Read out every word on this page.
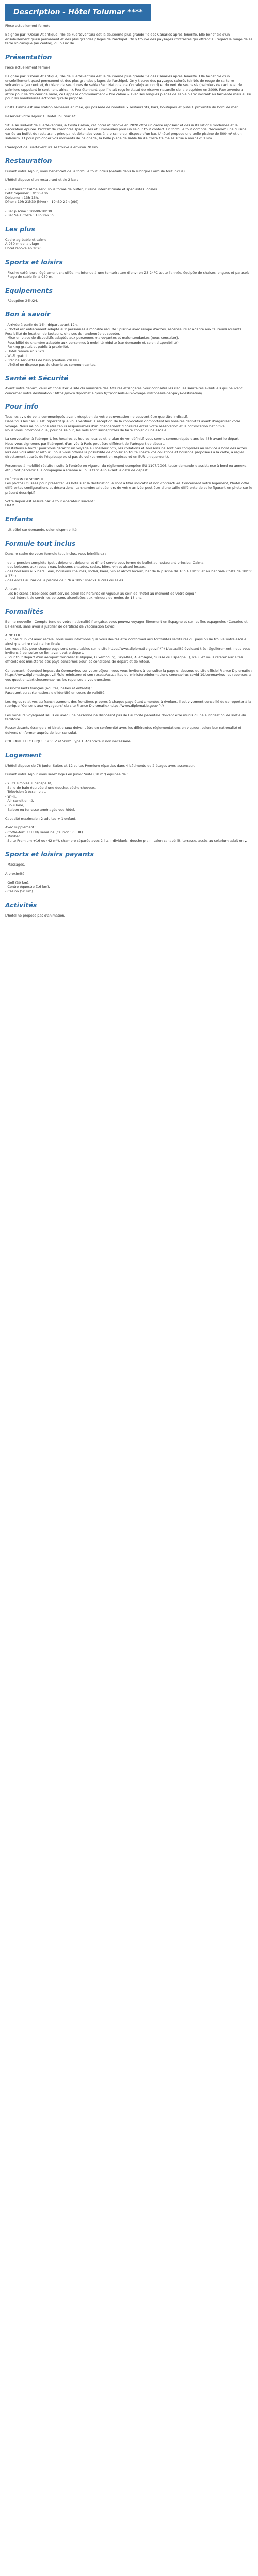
Description - Hôtel Tolumar ****

Pièce actuellement fermée

Baignée par l'Océan Atlantique, l'île de Fuerteventura est la deuxième plus grande île des Canaries après Tenerife. Elle bénéficie d'un ensoleillement quasi permanent et des plus grandes plages de l'archipel. On y trouve des paysages contrastés qui offrent au regard le rouge de sa terre volcanique (au centre), du blanc de...

Présentation

Pièce actuellement fermée

Baignée par l'Océan Atlantique, l'île de Fuerteventura est la deuxième plus grande île des Canaries après Tenerife. Elle bénéficie d'un ensoleillement quasi permanent et des plus grandes plages de l'archipel. On y trouve des paysages colorés teintés de rouge de sa terre volcanique (au centre), du blanc de ses dunes de sable (Parc National de Corralejo au nord) et du vert de ses oasis (palmiers de cactus et de palmiers rappelant le continent africain). Peu étonnant que l'île ait reçu le statut de réserve naturelle de la biosphère en 2009. Fuerteventura attire pour sa douceur de vivre, ce l'appelle communément « l'île calme » avec ses longues plages de sable blanc invitant au farniente mais aussi pour les nombreuses activités qu'elle propose.

Costa Calma est une station balnéaire animée, qui possède de nombreux restaurants, bars, boutiques et pubs à proximité du bord de mer.

Réservez votre séjour à l'hôtel Tolumar 4*:

Situé au sud-est de Fuerteventura, à Costa Calma, cet hôtel 4* rénové en 2020 offre un cadre reposant et des installations modernes et la décoration épurée. Profitez de chambres spacieuses et lumineuses pour un séjour tout confort. En formule tout compris, découvrez une cuisine variée au buffet du restaurant principal et détendez-vous à la piscine qui dispose d'un bar. L'hôtel propose une belle piscine de 500 m² et un solarium. Et pour prolonger vos moments de baignade, la belle plage de sable fin de Costa Calma se situe à moins d' 1 km.

L'aéroport de Fuerteventura se trouve à environ 70 km.

Restauration

Durant votre séjour, vous bénéficiez de la formule tout inclus (détails dans la rubrique Formule tout inclus).

L'hôtel dispose d'un restaurant et de 2 bars :

- Restaurant Calma servi sous forme de buffet, cuisine internationale et spécialités locales.
Petit déjeuner : 7h30-10h.
Déjeuner : 13h-15h.
Dîner : 19h-21h30 (hiver) - 19h30-22h (été).

- Bar piscine : 10h00-18h30.
- Bar Sala Costa : 18h30-23h.

Les plus

Cadre agréable et calme
À 950 m de la plage
Hôtel rénové en 2020

Sports et loisirs

- Piscine extérieure légèrement chauffée, maintenue à une température d'environ 23-24°C toute l'année, équipée de chaises longues et parasols.
- Plage de sable fin à 950 m.

Equipements

- Réception 24h/24.

Bon à savoir

- Arrivée à partir de 14h, départ avant 12h.
- L'hôtel est entièrement adapté aux personnes à mobilité réduite : piscine avec rampe d'accès, ascenseurs et adapté aux fauteuils roulants. Possibilité de location de fauteuils, chaises de randonnée et scooter.
- Mise en place de dispositifs adaptés aux personnes malvoyantes et malentendantes (nous consulter).
- Possibilité de chambre adaptée aux personnes à mobilité réduite (sur demande et selon disponibilité).
- Parking gratuit et public à proximité.
- Hôtel rénové en 2020.
- Wi-Fi gratuit.
- Prêt de serviettes de bain (caution 20EUR).
- L'hôtel ne dispose pas de chambres communicantes.

Santé et Sécurité

Avant votre départ, veuillez consulter le site du ministère des Affaires étrangères pour connaître les risques sanitaires éventuels qui peuvent concerner votre destination : https://www.diplomatie.gouv.fr/fr/conseils-aux-voyageurs/conseils-par-pays-destination/

Pour info

Tous les avis de voila communiqués avant réception de votre convocation ne peuvent être que titre indicatif.
Dans tous les cas, il est impératif que vous vérifiiez la réception de la convocation comportant les horaires définitifs avant d'organiser votre voyage. Nous ne pouvons être tenus responsables d'un changement d'horaires entre votre réservation et la convocation définitive.
Nous vous informons que, pour ce séjour, les vols sont susceptibles de faire l'objet d'une escale.

La convocation à l'aéroport, les horaires et heures locales et le plan de vol définitif vous seront communiqués dans les 48h avant le départ.
Nous vous signerons par l'aéroport d'arrivée à Paris peut être différent de l'aéroport de départ.
Prestations à bord : pour vous garantir un voyage au meilleur prix, les collations et boissons ne sont pas comprises au service à bord des accès lors des vols aller et retour : nous vous offrons la possibilité de choisir en toute liberté vos collations et boissons proposées à la carte, à régler directement auprès de l'équipage ou si pas du vol (paiement en espèces et en EUR uniquement).

Personnes à mobilité réduite : suite à l'entrée en vigueur du règlement européen EU 1107/2006, toute demande d'assistance à bord ou annexe, etc.) doit parvenir à la compagnie aérienne au plus tard 48h avant la date de départ.

PRÉCISION DESCRIPTIF
Les photos utilisées pour présenter les hôtels et la destination le sont à titre indicatif et non contractuel. Concernant votre logement, l'hôtel offre différentes configurations et décorations. La chambre allouée lors de votre arrivée peut être d'une taille différente de celle figurant en photo sur le présent descriptif.

Votre séjour est assuré par le tour opérateur suivant :
FRAM

Enfants

- Lit bébé sur demande, selon disponibilité.

Formule tout inclus

Dans le cadre de votre formule tout inclus, vous bénéficiez :

- de la pension complète (petit déjeuner, déjeuner et dîner) servie sous forme de buffet au restaurant principal Calma.
- des boissons aux repas : eau, boissons chaudes, sodas, bière, vin et alcool locaux.
- des boissons aux bars : eau, boissons chaudes, sodas, bière, vin et alcool locaux, bar de la piscine de 10h à 18h30 et au bar Sala Costa de 18h30 à 23h).
- des encas au bar de la piscine de 17h à 18h : snacks sucrés ou salés.

À noter :
- Les boissons alcoolisées sont servies selon les horaires en vigueur au sein de l'hôtel au moment de votre séjour.
- Il est interdit de servir les boissons alcoolisées aux mineurs de moins de 18 ans.

Formalités

Bonne nouvelle : Compte tenu de votre nationalité française, vous pouvez voyager librement en Espagne et sur les îles espagnoles (Canaries et Baléares), sans avoir à justifier de certificat de vaccination Covid.

A NOTER :
- En cas d'un vol avec escale, nous vous informons que vous devrez être conformes aux formalités sanitaires du pays où se trouve votre escale ainsi que votre destination finale.
Les modalités pour chaque pays sont consultables sur le site https://www.diplomatie.gouv.fr/fr/ L'actualité évoluant très régulièrement, nous vous invitons à consulter ce lien avant votre départ.
- Pour tout départ d'un aéroport frontalier (Belgique, Luxembourg, Pays-Bas, Allemagne, Suisse ou Espagne...), veuillez vous référer aux sites officiels des ministères des pays concernés pour les conditions de départ et de retour.

Concernant l'éventuel impact du Coronavirus sur votre séjour, nous vous invitons à consulter la page ci-dessous du site officiel France Diplomatie : https://www.diplomatie.gouv.fr/fr/le-ministere-et-son-reseau/actualites-du-ministere/informations-coronavirus-covid-19/coronavirus-les-reponses-a-vos-questions/article/coronavirus-les-reponses-a-vos-questions

Ressortissants français (adultes, bébés et enfants) :
Passeport ou carte nationale d'identité en cours de validité.

Les règles relatives au franchissement des frontières propres à chaque pays étant amenées à évoluer, il est vivement conseillé de se reporter à la rubrique "Conseils aux voyageurs" du site France Diplomatie.(https://www.diplomatie.gouv.fr/)

Les mineurs voyageant seuls ou avec une personne ne disposant pas de l'autorité parentale doivent être munis d'une autorisation de sortie du territoire.

Ressortissants étrangers et binationaux doivent être en conformité avec les différentes réglementations en vigueur, selon leur nationalité et doivent s'informer auprès de leur consulat.

COURANT ELECTRIQUE : 230 V et 50Hz. Type F. Adaptateur non nécessaire.

Logement

L'hôtel dispose de 78 Junior Suites et 12 suites Premium réparties dans 4 bâtiments de 2 étages avec ascenseur.

Durant votre séjour vous serez logés en Junior Suite (38 m²) équipée de :

- 2 lits simples + canapé lit,
- Salle de bain équipée d'une douche, sèche-cheveux,
- Télévision à écran plat,
- Wi-Fi,
- Air conditionné,
- Bouilloire,
- Balcon ou terrasse aménagés vue hôtel.

Capacité maximale : 2 adultes + 1 enfant.

Avec supplément :
- Coffre-fort, 11EUR/ semaine (caution 50EUR).
- Minibar.
- Suite Premium +16 ou (42 m²), chambre séparée avec 2 lits individuels, douche plain, salon canapé-lit, terrasse, accès au solarium adult only.

Sports et loisirs payants

- Massages.

À proximité :

- Golf (30 km),
- Centre équestre (16 km),
- Casino (50 km).

Activités

L'hôtel ne propose pas d'animation.
